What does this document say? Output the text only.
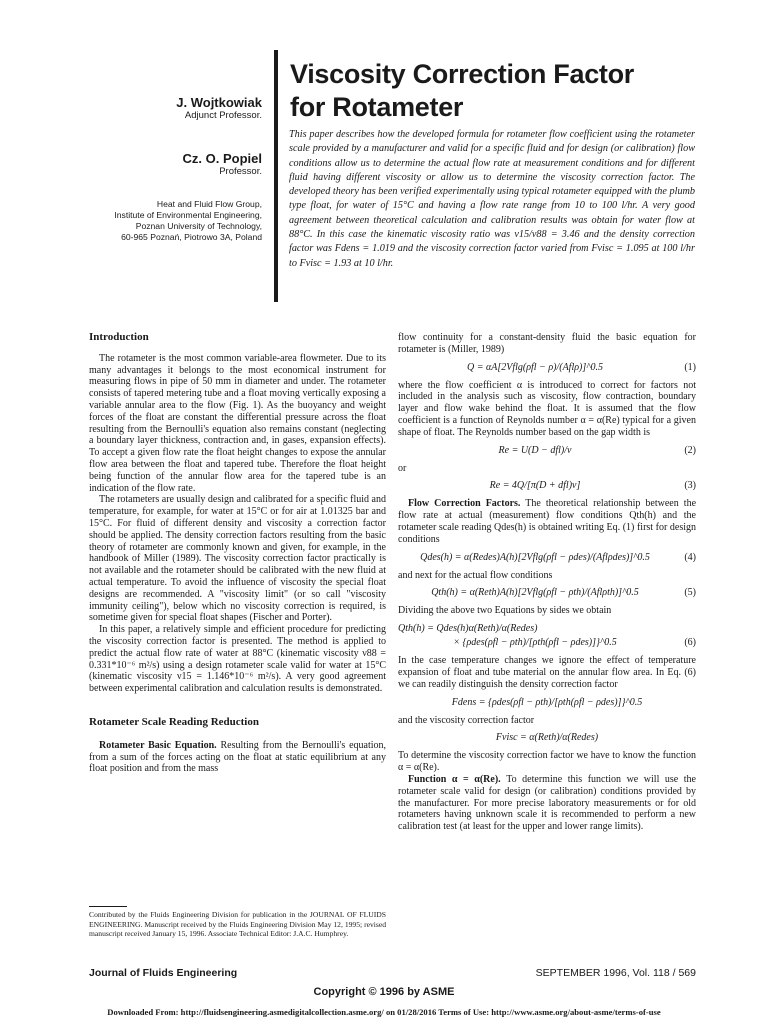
J. Wojtkowiak
Adjunct Professor.
Cz. O. Popiel
Professor.
Heat and Fluid Flow Group,
Institute of Environmental Engineering,
Poznan University of Technology,
60-965 Poznań, Piotrowo 3A, Poland
Viscosity Correction Factor
for Rotameter
This paper describes how the developed formula for rotameter flow coefficient using the rotameter scale provided by a manufacturer and valid for a specific fluid and for design (or calibration) flow conditions allow us to determine the actual flow rate at measurement conditions and for different fluid having different viscosity or allow us to determine the viscosity correction factor. The developed theory has been verified experimentally using typical rotameter equipped with the plumb type float, for water of 15°C and having a flow rate range from 10 to 100 l/hr. A very good agreement between theoretical calculation and calibration results was obtain for water flow at 88°C. In this case the kinematic viscosity ratio was ν15/ν88 = 3.46 and the density correction factor was Fdens = 1.019 and the viscosity correction factor varied from Fvisc = 1.095 at 100 l/hr to Fvisc = 1.93 at 10 l/hr.
Introduction

The rotameter is the most common variable-area flowmeter. Due to its many advantages it belongs to the most economical instrument for measuring flows in pipe of 50 mm in diameter and under. The rotameter consists of tapered metering tube and a float moving vertically exposing a variable annular area to the flow (Fig. 1). As the buoyancy and weight forces of the float are constant the differential pressure across the float resulting from the Bernoulli's equation also remains constant (neglecting a boundary layer thickness, contraction and, in gases, expansion effects). To accept a given flow rate the float height changes to expose the annular flow area between the float and tapered tube. Therefore the float height being function of the annular flow area for the tapered tube is an indication of the flow rate.

The rotameters are usually design and calibrated for a specific fluid and temperature, for example, for water at 15°C or for air at 1.01325 bar and 15°C. For fluid of different density and viscosity a correction factor should be applied. The density correction factors resulting from the basic theory of rotameter are commonly known and given, for example, in the handbook of Miller (1989). The viscosity correction factor practically is not available and the rotameter should be calibrated with the new fluid at actual temperature. To avoid the influence of viscosity the special float designs are recommended. A "viscosity limit" (or so call "viscosity immunity ceiling"), below which no viscosity correction is required, is sometime given for special float shapes (Fischer and Porter).

In this paper, a relatively simple and efficient procedure for predicting the viscosity correction factor is presented. The method is applied to predict the actual flow rate of water at 88°C (kinematic viscosity ν88 = 0.331*10⁻⁶ m²/s) using a design rotameter scale valid for water at 15°C (kinematic viscosity ν15 = 1.146*10⁻⁶ m²/s). A very good agreement between experimental calibration and calculation results is demonstrated.

Rotameter Scale Reading Reduction

Rotameter Basic Equation. Resulting from the Bernoulli's equation, from a sum of the forces acting on the float at static equilibrium at any float position and from the mass

Contributed by the Fluids Engineering Division for publication in the JOURNAL OF FLUIDS ENGINEERING. Manuscript received by the Fluids Engineering Division May 12, 1995; revised manuscript received January 15, 1996. Associate Technical Editor: J.A.C. Humphrey.

flow continuity for a constant-density fluid the basic equation for rotameter is (Miller, 1989)

Q = αA[2Vflg(ρfl − ρ)/(Aflρ)]^0.5	(1)

where the flow coefficient α is introduced to correct for factors not included in the analysis such as viscosity, flow contraction, boundary layer and flow wake behind the float. It is assumed that the flow coefficient is a function of Reynolds number α = α(Re) typical for a given shape of float. The Reynolds number based on the gap width is

Re = U(D − dfl)/ν	(2)

or

Re = 4Q/[π(D + dfl)ν]	(3)

Flow Correction Factors. The theoretical relationship between the flow rate at actual (measurement) flow conditions Qth(h) and the rotameter scale reading Qdes(h) is obtained writing Eq. (1) first for design conditions

Qdes(h) = α(Redes)A(h)[2Vflg(ρfl − ρdes)/(Aflρdes)]^0.5	(4)

and next for the actual flow conditions

Qth(h) = α(Reth)A(h)[2Vflg(ρfl − ρth)/(Aflρth)]^0.5	(5)

Dividing the above two Equations by sides we obtain

Qth(h) = Qdes(h)α(Reth)/α(Redes)
× {ρdes(ρfl − ρth)/[ρth(ρfl − ρdes)]}^0.5	(6)

In the case temperature changes we ignore the effect of temperature expansion of float and tube material on the annular flow area. In Eq. (6) we can readily distinguish the density correction factor

Fdens = {ρdes(ρfl − ρth)/[ρth(ρfl − ρdes)]}^0.5

and the viscosity correction factor

Fvisc = α(Reth)/α(Redes)

To determine the viscosity correction factor we have to know the function α = α(Re).

Function α = α(Re). To determine this function we will use the rotameter scale valid for design (or calibration) conditions provided by the manufacturer. For more precise laboratory measurements or for old rotameters having unknown scale it is recommended to perform a new calibration test (at least for the upper and lower range limits).

Journal of Fluids Engineering	SEPTEMBER 1996, Vol. 118 / 569
Copyright © 1996 by ASME
Downloaded From: http://fluidsengineering.asmedigitalcollection.asme.org/ on 01/28/2016 Terms of Use: http://www.asme.org/about-asme/terms-of-use
